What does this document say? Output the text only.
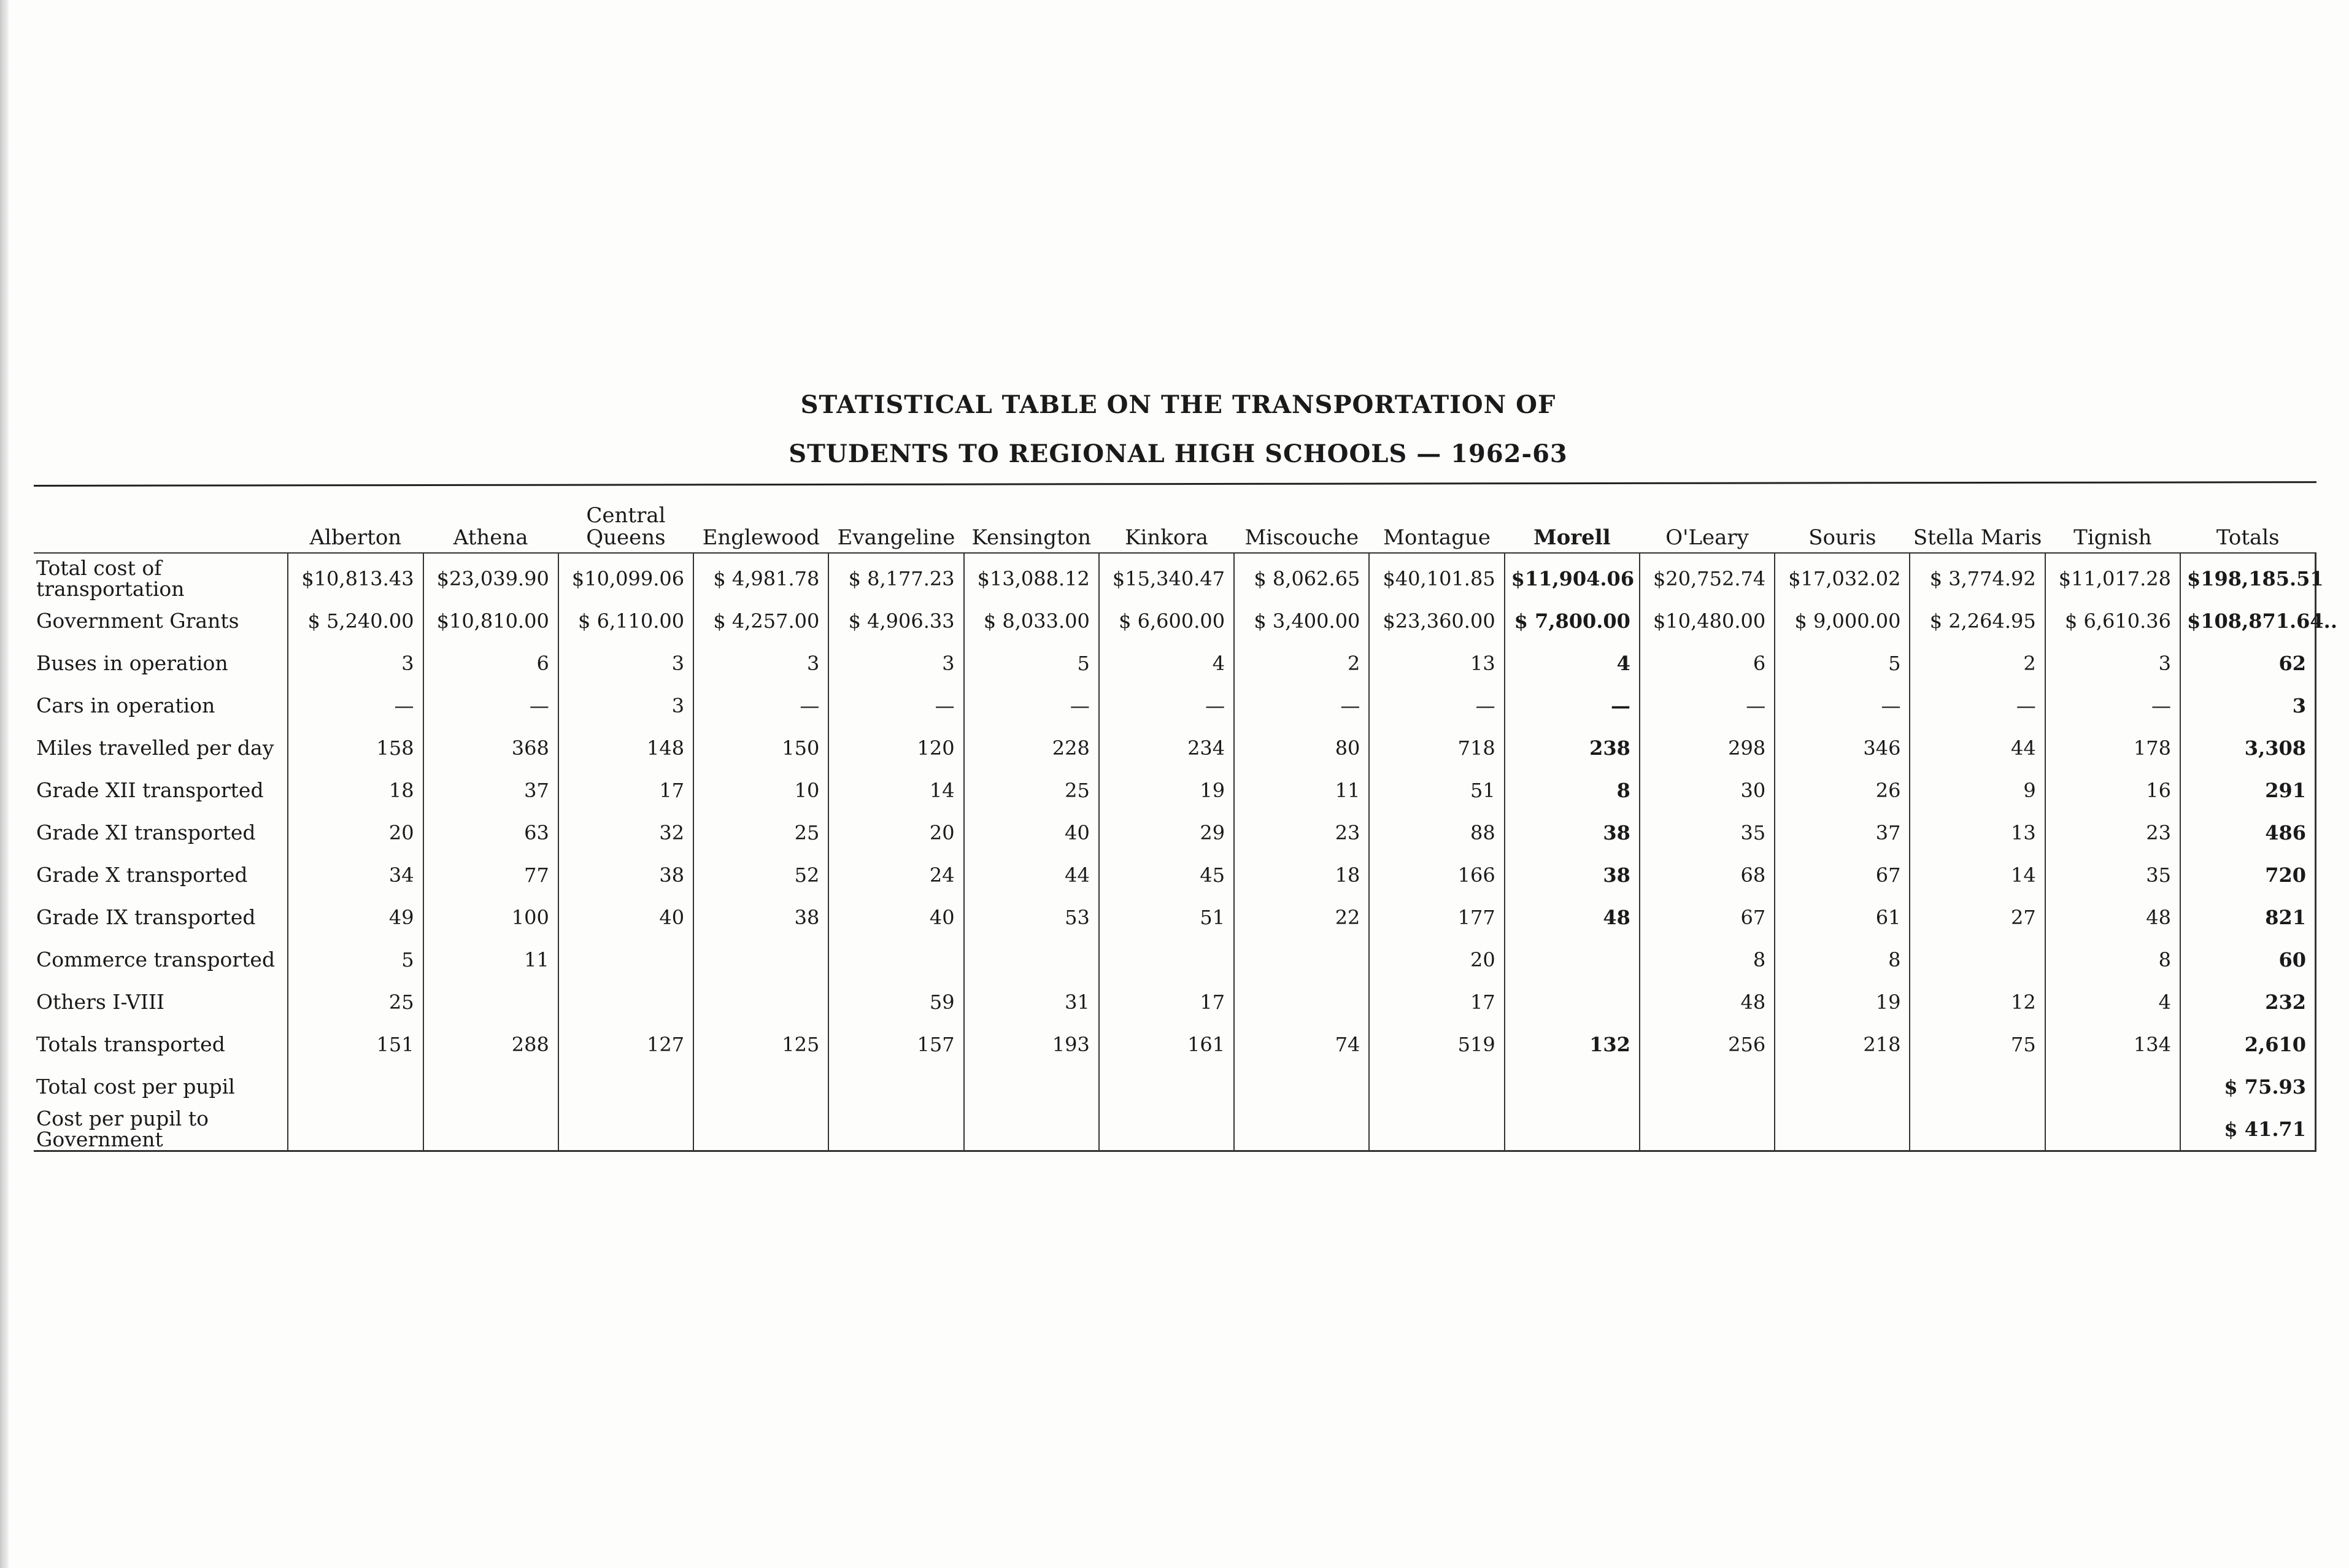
STATISTICAL TABLE ON THE TRANSPORTATION OF
STUDENTS TO REGIONAL HIGH SCHOOLS — 1962-63
	Alberton	Athena	Central Queens	Englewood	Evangeline	Kensington	Kinkora	Miscouche	Montague	Morell	O'Leary	Souris	Stella Maris	Tignish	Totals
Total cost of transportation	$10,813.43	$23,039.90	$10,099.06	$ 4,981.78	$ 8,177.23	$13,088.12	$15,340.47	$ 8,062.65	$40,101.85	$11,904.06	$20,752.74	$17,032.02	$ 3,774.92	$11,017.28	$198,185.51
Government Grants	$ 5,240.00	$10,810.00	$ 6,110.00	$ 4,257.00	$ 4,906.33	$ 8,033.00	$ 6,600.00	$ 3,400.00	$23,360.00	$ 7,800.00	$10,480.00	$ 9,000.00	$ 2,264.95	$ 6,610.36	$108,871.64..
Buses in operation	3	6	3	3	3	5	4	2	13	4	6	5	2	3	62
Cars in operation	—	—	3	—	—	—	—	—	—	—	—	—	—	—	3
Miles travelled per day	158	368	148	150	120	228	234	80	718	238	298	346	44	178	3,308
Grade XII transported	18	37	17	10	14	25	19	11	51	8	30	26	9	16	291
Grade XI transported	20	63	32	25	20	40	29	23	88	38	35	37	13	23	486
Grade X transported	34	77	38	52	24	44	45	18	166	38	68	67	14	35	720
Grade IX transported	49	100	40	38	40	53	51	22	177	48	67	61	27	48	821
Commerce transported	5	11							20		8	8		8	60
Others I-VIII	25				59	31	17		17		48	19	12	4	232
Totals transported	151	288	127	125	157	193	161	74	519	132	256	218	75	134	2,610
Total cost per pupil															$ 75.93
Cost per pupil to Government															$ 41.71
